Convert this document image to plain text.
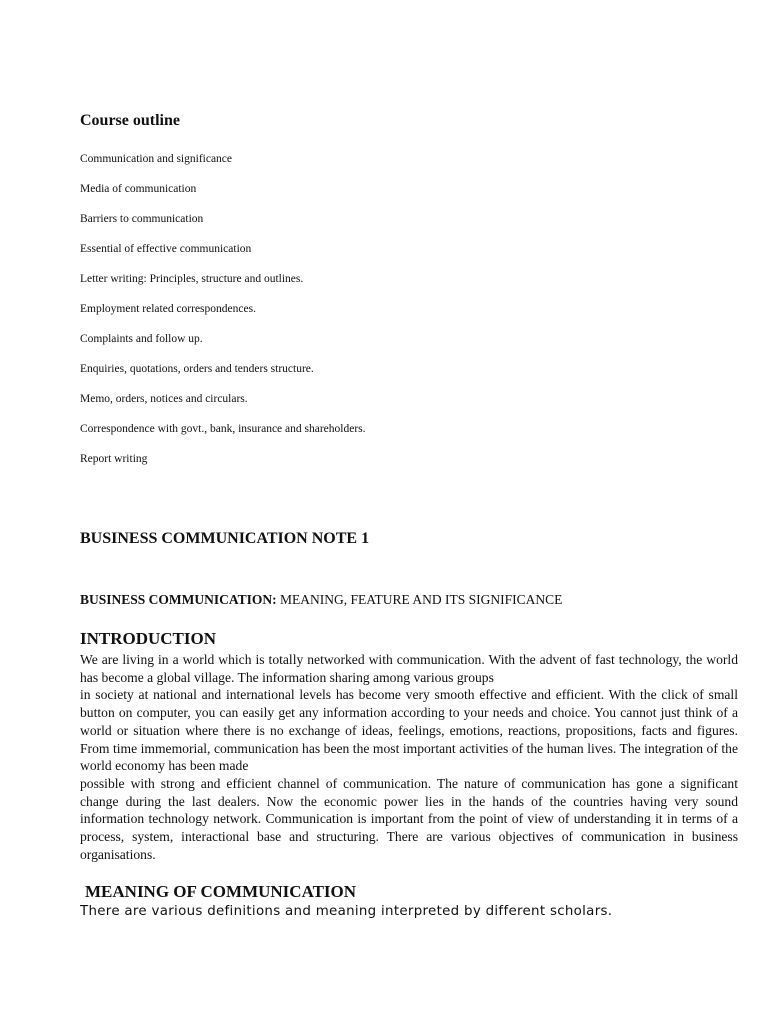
Course outline
Communication and significance
Media of communication
Barriers to communication
Essential of effective communication
Letter writing: Principles, structure and outlines.
Employment related correspondences.
Complaints and follow up.
Enquiries, quotations, orders and tenders structure.
Memo, orders, notices and circulars.
Correspondence with govt., bank, insurance and shareholders.
Report writing
BUSINESS COMMUNICATION NOTE 1

BUSINESS COMMUNICATION: MEANING, FEATURE AND ITS SIGNIFICANCE

INTRODUCTION
We are living in a world which is totally networked with communication. With the advent of fast technology, the world has become a global village. The information sharing among various groups
in society at national and international levels has become very smooth effective and efficient. With the click of small button on computer, you can easily get any information according to your needs and choice. You cannot just think of a world or situation where there is no exchange of ideas, feelings, emotions, reactions, propositions, facts and figures. From time immemorial, communication has been the most important activities of the human lives. The integration of the world economy has been made
possible with strong and efficient channel of communication. The nature of communication has gone a significant change during the last dealers. Now the economic power lies in the hands of the countries having very sound information technology network. Communication is important from the point of view of understanding it in terms of a process, system, interactional base and structuring. There are various objectives of communication in business organisations.
MEANING OF COMMUNICATION

There are various definitions and meaning interpreted by different scholars.
